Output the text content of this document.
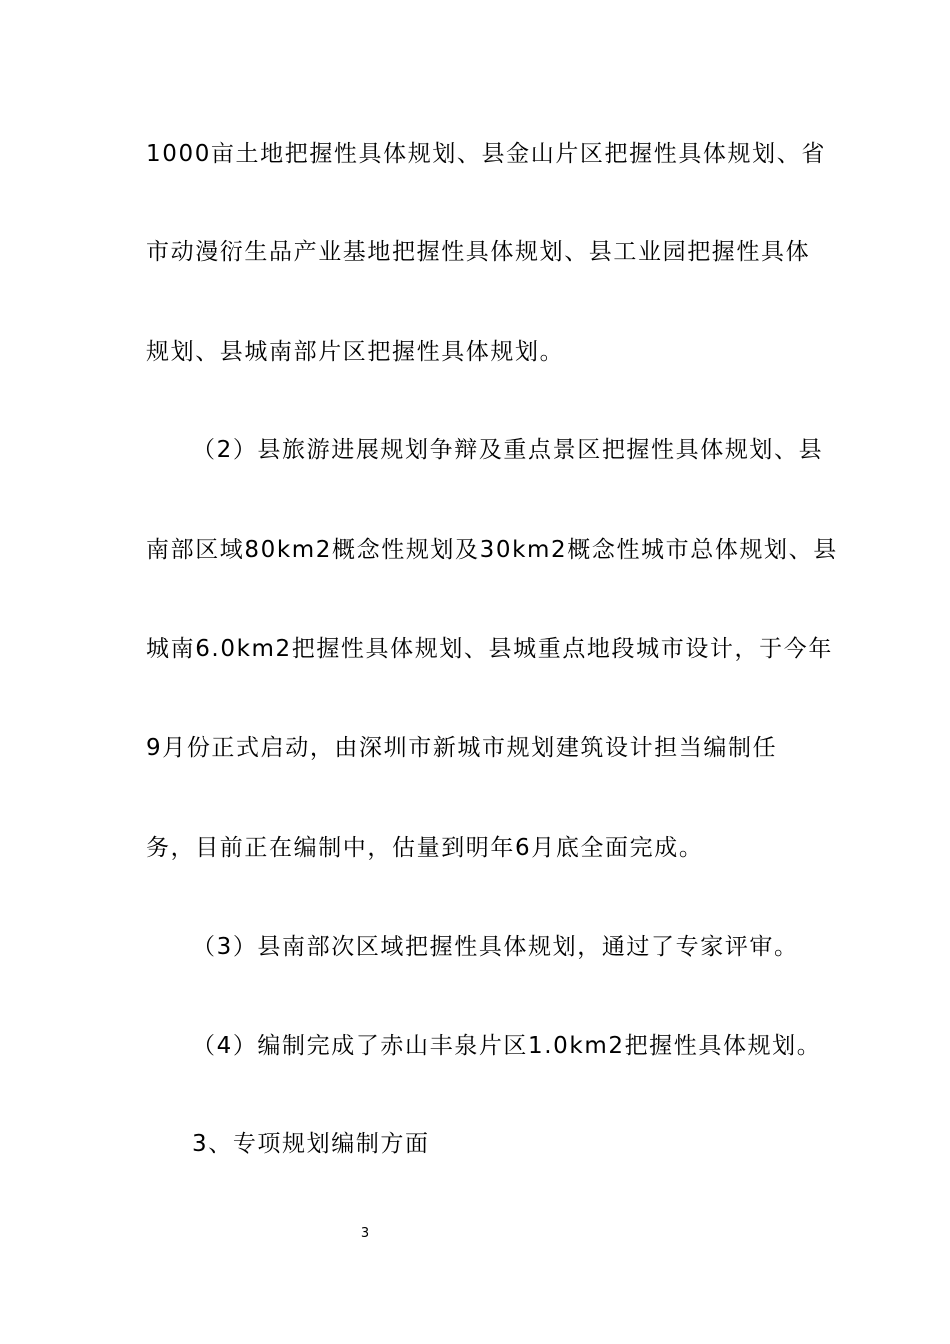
1000亩土地把握性具体规划、县金山片区把握性具体规划、省
市动漫衍生品产业基地把握性具体规划、县工业园把握性具体
规划、县城南部片区把握性具体规划。
（2）县旅游进展规划争辩及重点景区把握性具体规划、县
南部区域80km2概念性规划及30km2概念性城市总体规划、县
城南6.0km2把握性具体规划、县城重点地段城市设计，于今年
9月份正式启动，由深圳市新城市规划建筑设计担当编制任
务，目前正在编制中，估量到明年6月底全面完成。
（3）县南部次区域把握性具体规划，通过了专家评审。
（4）编制完成了赤山丰泉片区1.0km2把握性具体规划。
3、专项规划编制方面
3
